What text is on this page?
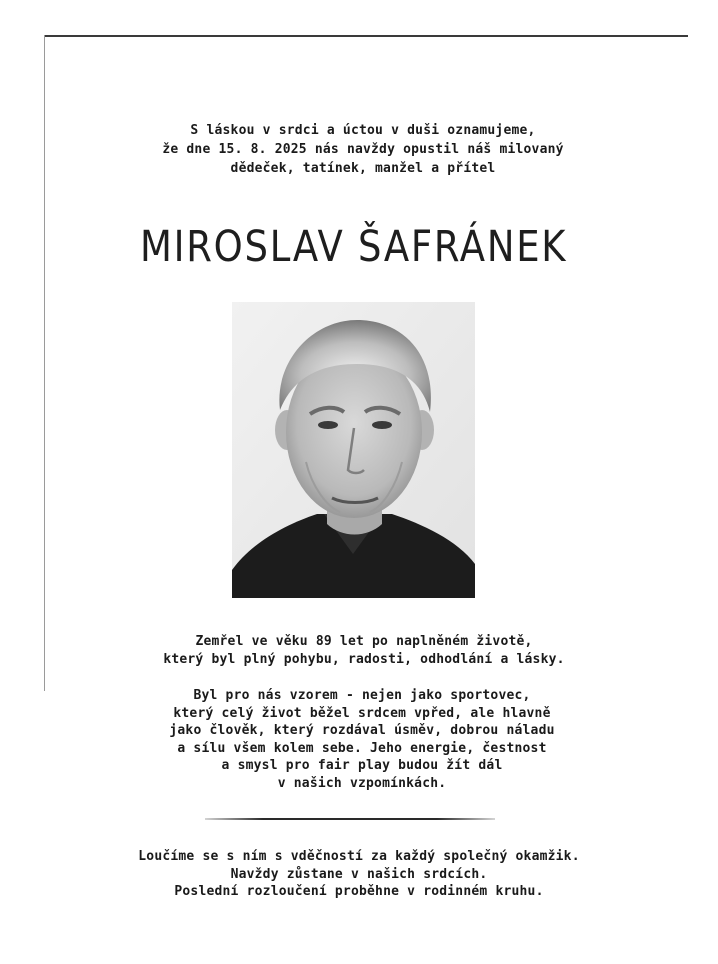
S láskou v srdci a úctou v duši oznamujeme,
že dne 15. 8. 2025 nás navždy opustil náš milovaný
dědeček, tatínek, manžel a přítel
MIROSLAV ŠAFRÁNEK
Zemřel ve věku 89 let po naplněném životě,
který byl plný pohybu, radosti, odhodlání a lásky.
Byl pro nás vzorem - nejen jako sportovec,
který celý život běžel srdcem vpřed, ale hlavně
jako člověk, který rozdával úsměv, dobrou náladu
a sílu všem kolem sebe. Jeho energie, čestnost
a smysl pro fair play budou žít dál
v našich vzpomínkách.
Loučíme se s ním s vděčností za každý společný okamžik.
Navždy zůstane v našich srdcích.
Poslední rozloučení proběhne v rodinném kruhu.
